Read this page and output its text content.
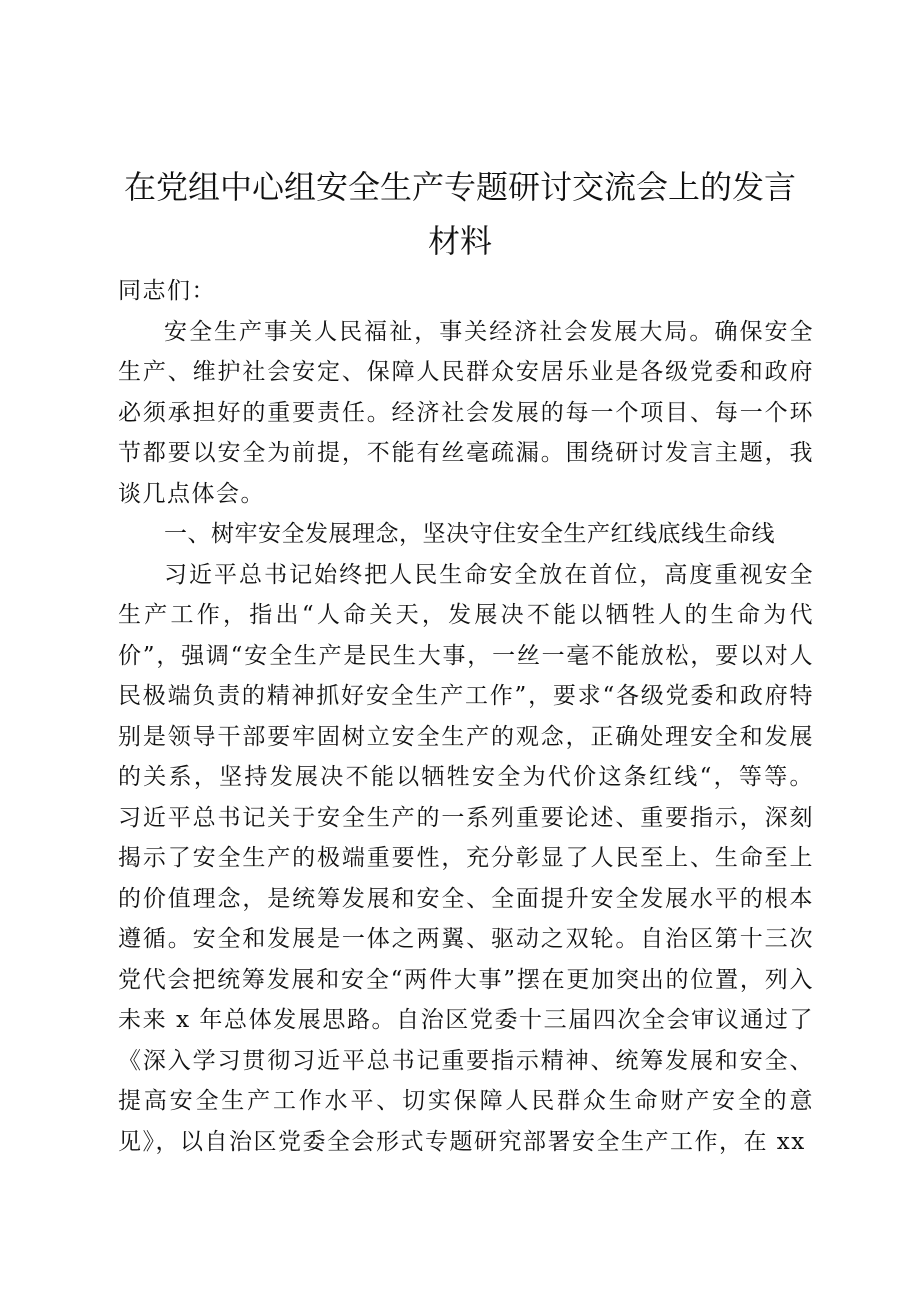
在党组中心组安全生产专题研讨交流会上的发言材料

同志们：

安全生产事关人民福祉，事关经济社会发展大局。确保安全生产、维护社会安定、保障人民群众安居乐业是各级党委和政府必须承担好的重要责任。经济社会发展的每一个项目、每一个环节都要以安全为前提，不能有丝毫疏漏。围绕研讨发言主题，我谈几点体会。

一、树牢安全发展理念，坚决守住安全生产红线底线生命线

习近平总书记始终把人民生命安全放在首位，高度重视安全生产工作，指出“人命关天，发展决不能以牺牲人的生命为代价”，强调“安全生产是民生大事，一丝一毫不能放松，要以对人民极端负责的精神抓好安全生产工作”，要求“各级党委和政府特别是领导干部要牢固树立安全生产的观念，正确处理安全和发展的关系，坚持发展决不能以牺牲安全为代价这条红线“，等等。习近平总书记关于安全生产的一系列重要论述、重要指示，深刻揭示了安全生产的极端重要性，充分彰显了人民至上、生命至上的价值理念，是统筹发展和安全、全面提升安全发展水平的根本遵循。安全和发展是一体之两翼、驱动之双轮。自治区第十三次党代会把统筹发展和安全“两件大事”摆在更加突出的位置，列入未来 x 年总体发展思路。自治区党委十三届四次全会审议通过了《深入学习贯彻习近平总书记重要指示精神、统筹发展和安全、提高安全生产工作水平、切实保障人民群众生命财产安全的意见》，以自治区党委全会形式专题研究部署安全生产工作，在 xx
